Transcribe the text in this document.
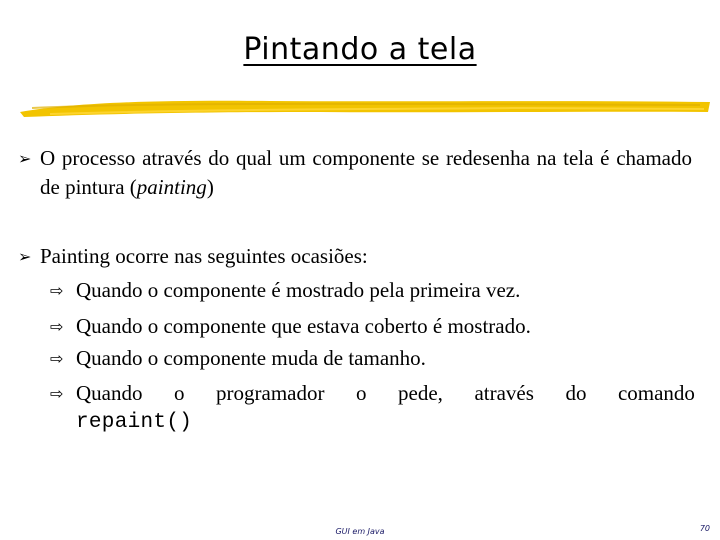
Pintando a tela
➢ O processo através do qual um componente se redesenha na tela é chamado de pintura (painting)
➢ Painting ocorre nas seguintes ocasiões:
⇨ Quando o componente é mostrado pela primeira vez.
⇨ Quando o componente que estava coberto é mostrado.
⇨ Quando o componente muda de tamanho.
⇨ Quando o programador o pede, através do comando
repaint()
GUI em Java	70
